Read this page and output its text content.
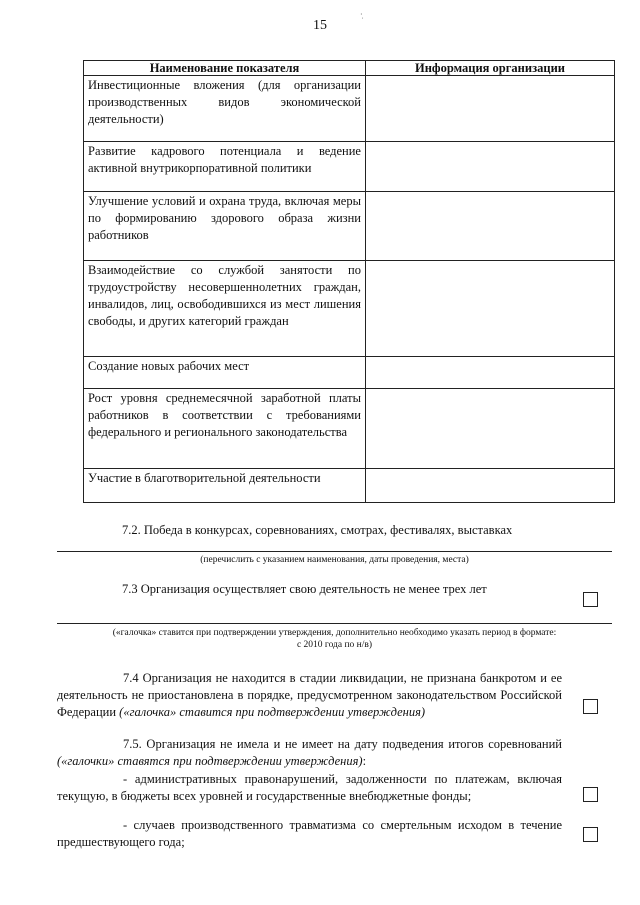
15
·̣
Наименование показателя	Информация организации
Инвестиционные вложения (для организации производственных видов экономической деятельности)	
Развитие кадрового потенциала и ведение активной внутрикорпоративной политики	
Улучшение условий и охрана труда, включая меры по формированию здорового образа жизни работников	
Взаимодействие со службой занятости по трудоустройству несовершеннолетних граждан, инвалидов, лиц, освободившихся из мест лишения свободы, и других категорий граждан	
Создание новых рабочих мест	
Рост уровня среднемесячной заработной платы работников в соответствии с требованиями федерального и регионального законодательства	
Участие в благотворительной деятельности	
7.2. Победа в конкурсах, соревнованиях, смотрах, фестивалях, выставках
(перечислить с указанием наименования, даты проведения, места)
7.3 Организация осуществляет свою деятельность не менее трех лет
(«галочка» ставится при подтверждении утверждения, дополнительно необходимо указать период в формате:
с 2010 года по н/в)
7.4 Организация не находится в стадии ликвидации, не признана банкротом и ее деятельность не приостановлена в порядке, предусмотренном законодательством Российской Федерации («галочка» ставится при подтверждении утверждения)
7.5. Организация не имела и не имеет на дату подведения итогов соревнований («галочки» ставятся при подтверждении утверждения):
- административных правонарушений, задолженности по платежам, включая текущую, в бюджеты всех уровней и государственные внебюджетные фонды;
- случаев производственного травматизма со смертельным исходом в течение предшествующего года;
